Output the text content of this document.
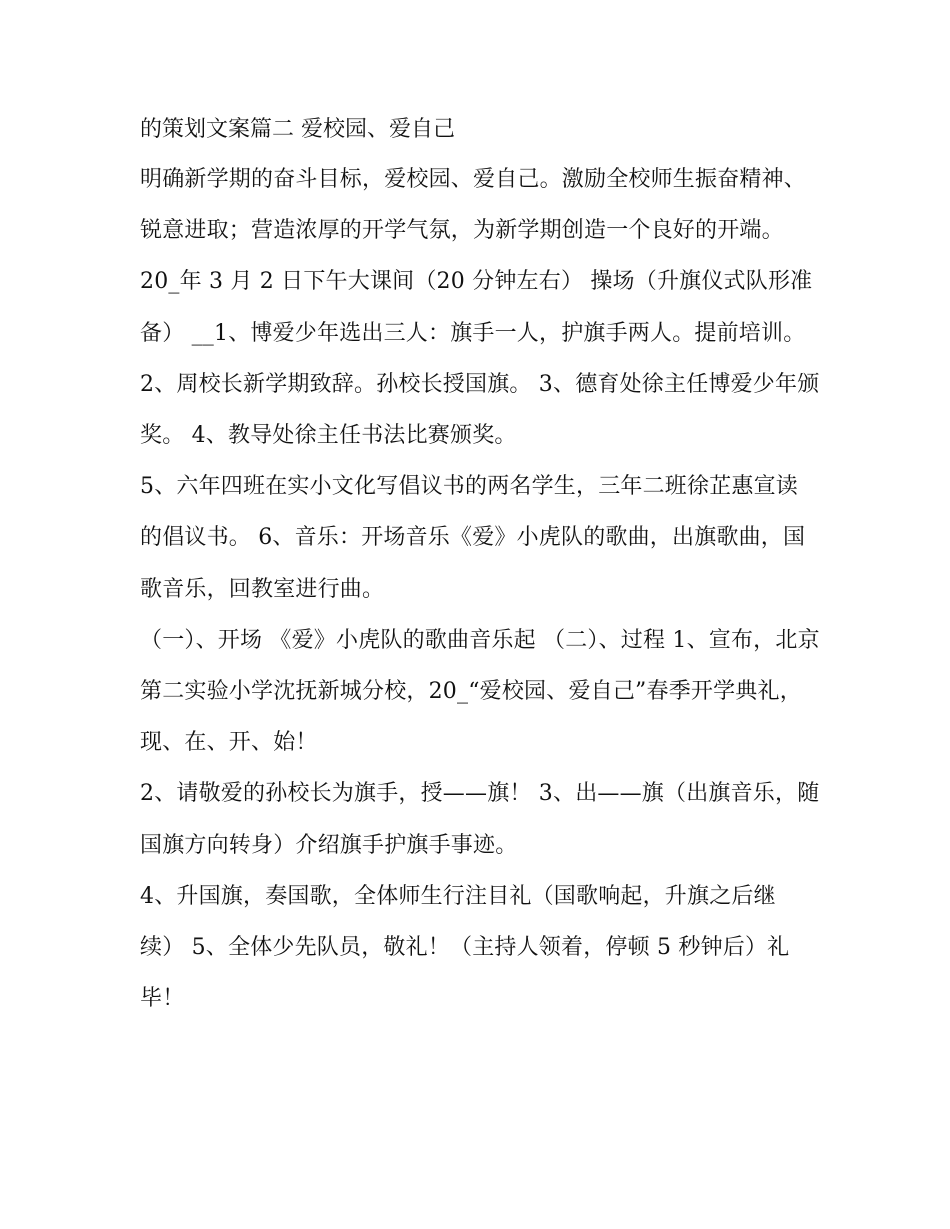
的策划文案篇二 爱校园、爱自己

明确新学期的奋斗目标，爱校园、爱自己。激励全校师生振奋精神、锐意进取；营造浓厚的开学气氛，为新学期创造一个良好的开端。

20_年 3 月 2 日下午大课间（20 分钟左右） 操场（升旗仪式队形准备） __1、博爱少年选出三人：旗手一人，护旗手两人。提前培训。

2、周校长新学期致辞。孙校长授国旗。 3、德育处徐主任博爱少年颁奖。 4、教导处徐主任书法比赛颁奖。

5、六年四班在实小文化写倡议书的两名学生，三年二班徐芷惠宣读的倡议书。 6、音乐：开场音乐《爱》小虎队的歌曲，出旗歌曲，国歌音乐，回教室进行曲。

（一）、开场 《爱》小虎队的歌曲音乐起 （二）、过程 1、宣布，北京第二实验小学沈抚新城分校，20_“爱校园、爱自己”春季开学典礼，现、在、开、始！

2、请敬爱的孙校长为旗手，授——旗！ 3、出——旗（出旗音乐，随国旗方向转身）介绍旗手护旗手事迹。

4、升国旗，奏国歌，全体师生行注目礼（国歌响起，升旗之后继续） 5、全体少先队员，敬礼！（主持人领着，停顿 5 秒钟后）礼毕！
